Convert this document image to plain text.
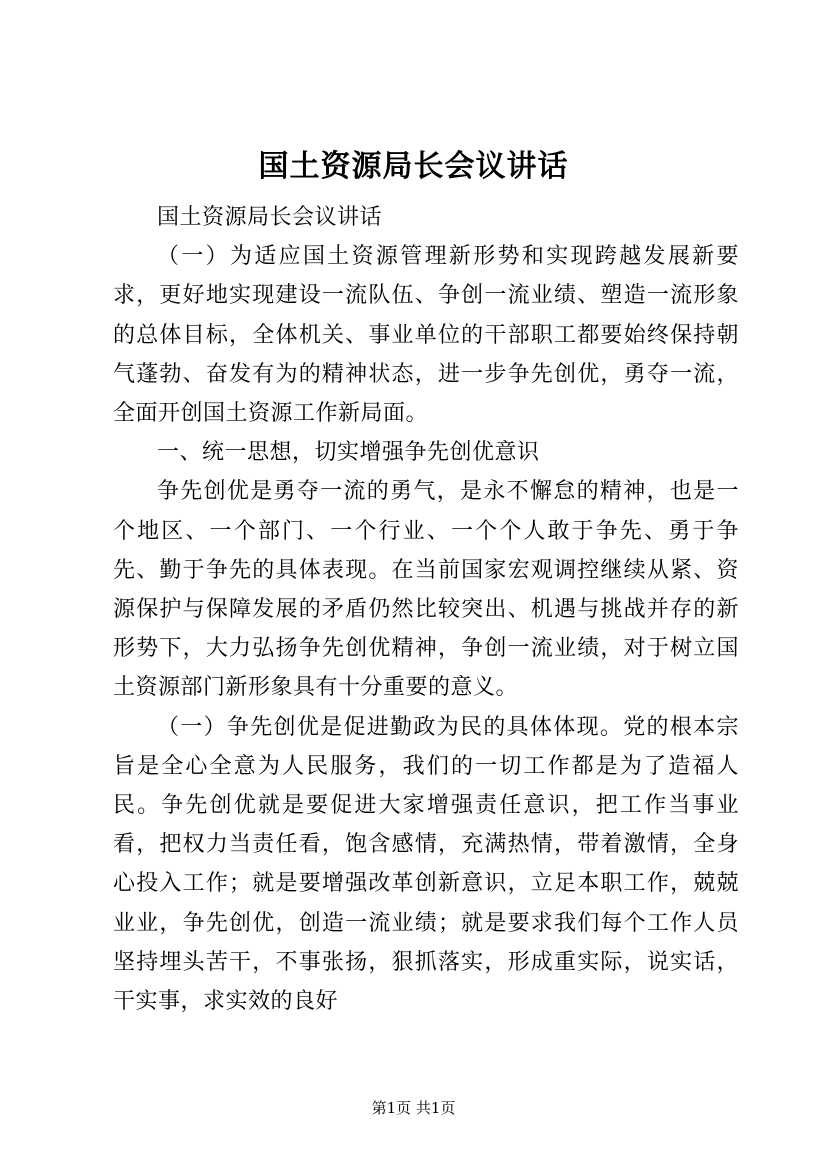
国土资源局长会议讲话

国土资源局长会议讲话

（一）为适应国土资源管理新形势和实现跨越发展新要求，更好地实现建设一流队伍、争创一流业绩、塑造一流形象的总体目标，全体机关、事业单位的干部职工都要始终保持朝气蓬勃、奋发有为的精神状态，进一步争先创优，勇夺一流，全面开创国土资源工作新局面。

一、统一思想，切实增强争先创优意识

争先创优是勇夺一流的勇气，是永不懈怠的精神，也是一个地区、一个部门、一个行业、一个个人敢于争先、勇于争先、勤于争先的具体表现。在当前国家宏观调控继续从紧、资源保护与保障发展的矛盾仍然比较突出、机遇与挑战并存的新形势下，大力弘扬争先创优精神，争创一流业绩，对于树立国土资源部门新形象具有十分重要的意义。

（一）争先创优是促进勤政为民的具体体现。党的根本宗旨是全心全意为人民服务，我们的一切工作都是为了造福人民。争先创优就是要促进大家增强责任意识，把工作当事业看，把权力当责任看，饱含感情，充满热情，带着激情，全身心投入工作；就是要增强改革创新意识，立足本职工作，兢兢业业，争先创优，创造一流业绩；就是要求我们每个工作人员坚持埋头苦干，不事张扬，狠抓落实，形成重实际，说实话，干实事，求实效的良好

第1页 共1页
